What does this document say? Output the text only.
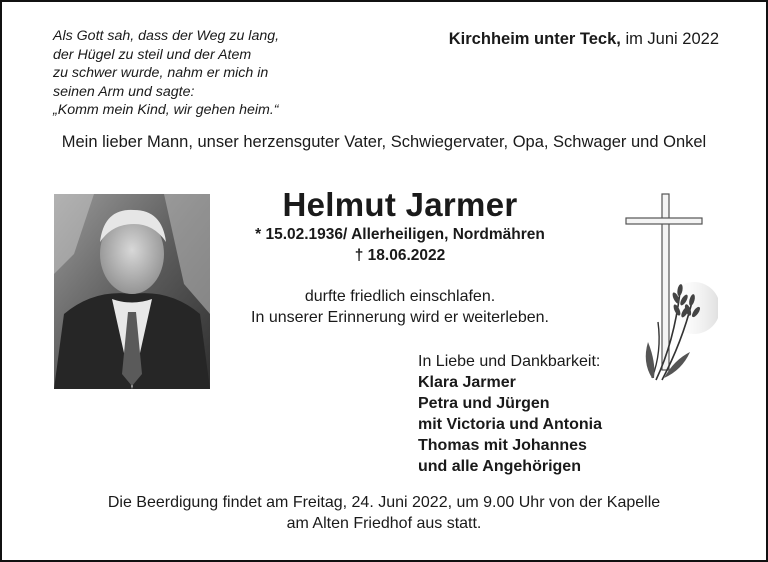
Als Gott sah, dass der Weg zu lang,
der Hügel zu steil und der Atem
zu schwer wurde, nahm er mich in
seinen Arm und sagte:
„Komm mein Kind, wir gehen heim.“
Kirchheim unter Teck, im Juni 2022
Mein lieber Mann, unser herzensguter Vater, Schwiegervater, Opa, Schwager und Onkel
Helmut Jarmer
* 15.02.1936/ Allerheiligen, Nordmähren
† 18.06.2022
durfte friedlich einschlafen.
In unserer Erinnerung wird er weiterleben.
In Liebe und Dankbarkeit:
Klara Jarmer
Petra und Jürgen
mit Victoria und Antonia
Thomas mit Johannes
und alle Angehörigen
Die Beerdigung findet am Freitag, 24. Juni 2022, um 9.00 Uhr von der Kapelle
am Alten Friedhof aus statt.
